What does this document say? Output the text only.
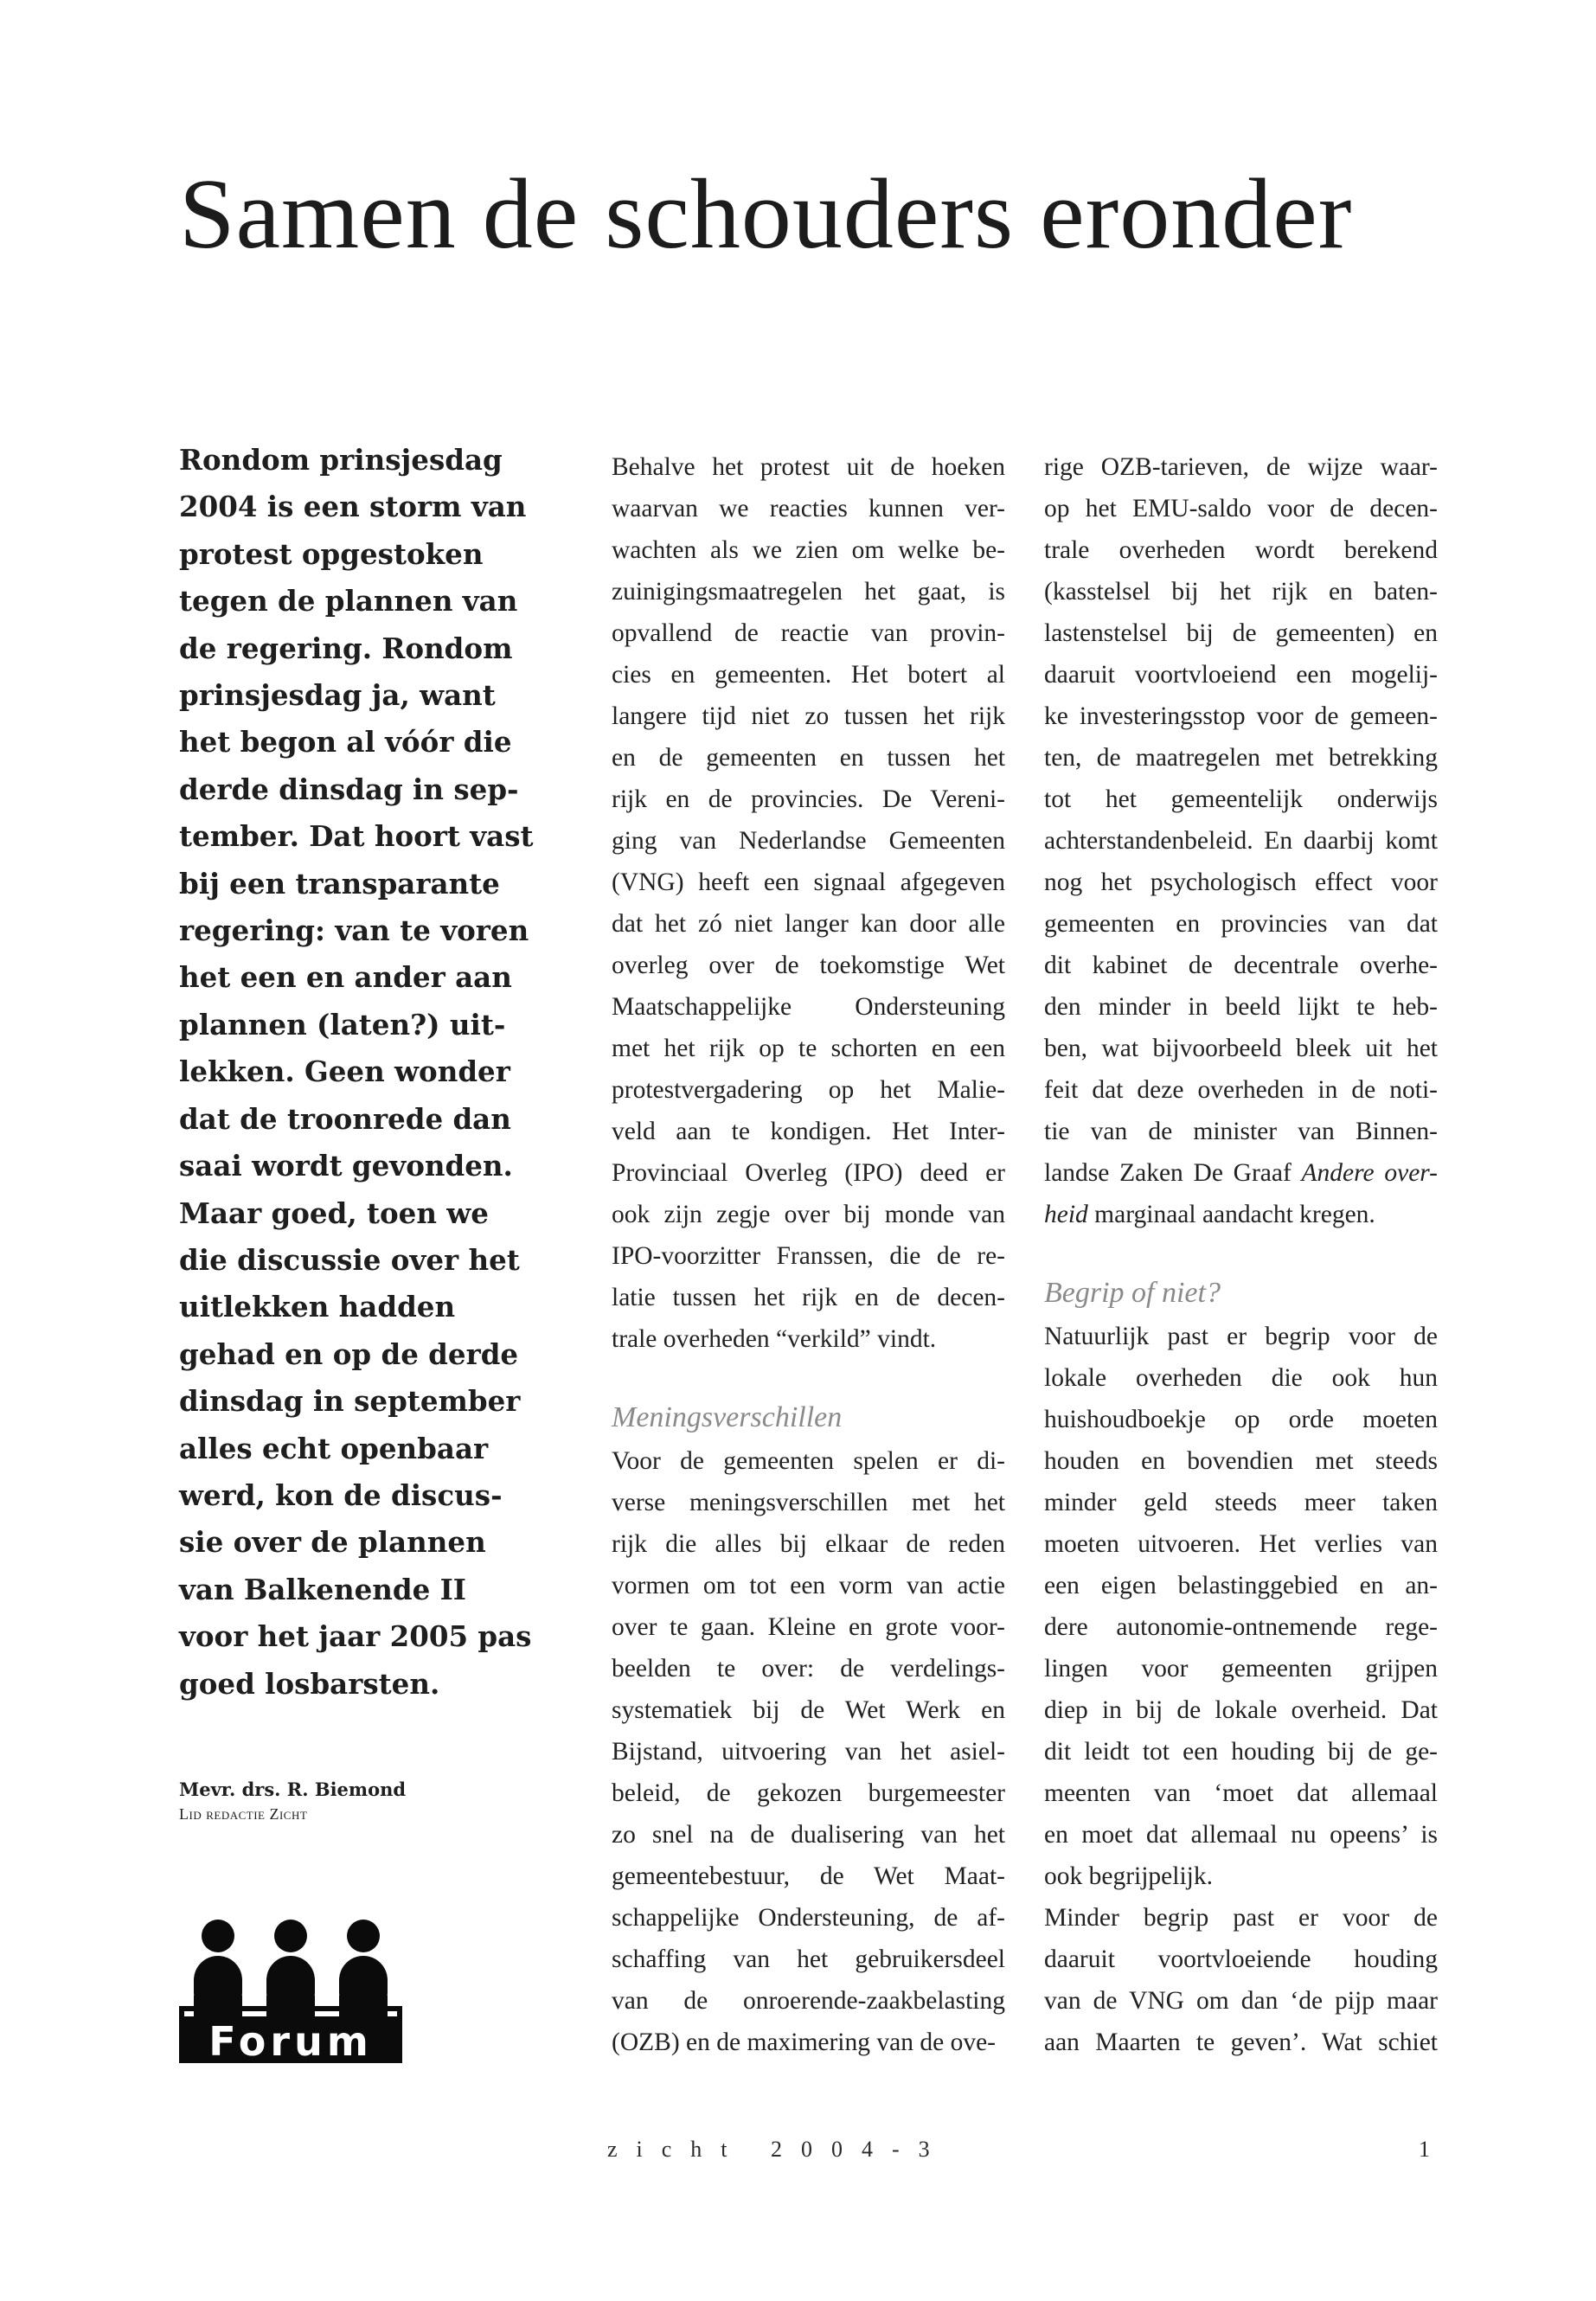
Samen de schouders eronder
Rondom prinsjesdag
2004 is een storm van
protest opgestoken
tegen de plannen van
de regering. Rondom
prinsjesdag ja, want
het begon al vóór die
derde dinsdag in sep-
tember. Dat hoort vast
bij een transparante
regering: van te voren
het een en ander aan
plannen (laten?) uit-
lekken. Geen wonder
dat de troonrede dan
saai wordt gevonden.
Maar goed, toen we
die discussie over het
uitlekken hadden
gehad en op de derde
dinsdag in september
alles echt openbaar
werd, kon de discus-
sie over de plannen
van Balkenende II
voor het jaar 2005 pas
goed losbarsten.
Mevr. drs. R. Biemond
Lid redactie Zicht
Forum
Behalve het protest uit de hoeken
waarvan we reacties kunnen ver-
wachten als we zien om welke be-
zuinigingsmaatregelen het gaat, is
opvallend de reactie van provin-
cies en gemeenten. Het botert al
langere tijd niet zo tussen het rijk
en de gemeenten en tussen het
rijk en de provincies. De Vereni-
ging van Nederlandse Gemeenten
(VNG) heeft een signaal afgegeven
dat het zó niet langer kan door alle
overleg over de toekomstige Wet
Maatschappelijke Ondersteuning
met het rijk op te schorten en een
protestvergadering op het Malie-
veld aan te kondigen. Het Inter-
Provinciaal Overleg (IPO) deed er
ook zijn zegje over bij monde van
IPO-voorzitter Franssen, die de re-
latie tussen het rijk en de decen-
trale overheden “verkild” vindt.
Meningsverschillen
Voor de gemeenten spelen er di-
verse meningsverschillen met het
rijk die alles bij elkaar de reden
vormen om tot een vorm van actie
over te gaan. Kleine en grote voor-
beelden te over: de verdelings-
systematiek bij de Wet Werk en
Bijstand, uitvoering van het asiel-
beleid, de gekozen burgemeester
zo snel na de dualisering van het
gemeentebestuur, de Wet Maat-
schappelijke Ondersteuning, de af-
schaffing van het gebruikersdeel
van de onroerende-zaakbelasting
(OZB) en de maximering van de ove-
rige OZB-tarieven, de wijze waar-
op het EMU-saldo voor de decen-
trale overheden wordt berekend
(kasstelsel bij het rijk en baten-
lastenstelsel bij de gemeenten) en
daaruit voortvloeiend een mogelij-
ke investeringsstop voor de gemeen-
ten, de maatregelen met betrekking
tot het gemeentelijk onderwijs
achterstandenbeleid. En daarbij komt
nog het psychologisch effect voor
gemeenten en provincies van dat
dit kabinet de decentrale overhe-
den minder in beeld lijkt te heb-
ben, wat bijvoorbeeld bleek uit het
feit dat deze overheden in de noti-
tie van de minister van Binnen-
landse Zaken De Graaf Andere over-
heid marginaal aandacht kregen.
Begrip of niet?
Natuurlijk past er begrip voor de
lokale overheden die ook hun
huishoudboekje op orde moeten
houden en bovendien met steeds
minder geld steeds meer taken
moeten uitvoeren. Het verlies van
een eigen belastinggebied en an-
dere autonomie-ontnemende rege-
lingen voor gemeenten grijpen
diep in bij de lokale overheid. Dat
dit leidt tot een houding bij de ge-
meenten van ‘moet dat allemaal
en moet dat allemaal nu opeens’ is
ook begrijpelijk.
Minder begrip past er voor de
daaruit voortvloeiende houding
van de VNG om dan ‘de pijp maar
aan Maarten te geven’. Wat schiet
zicht 2004-3	1
